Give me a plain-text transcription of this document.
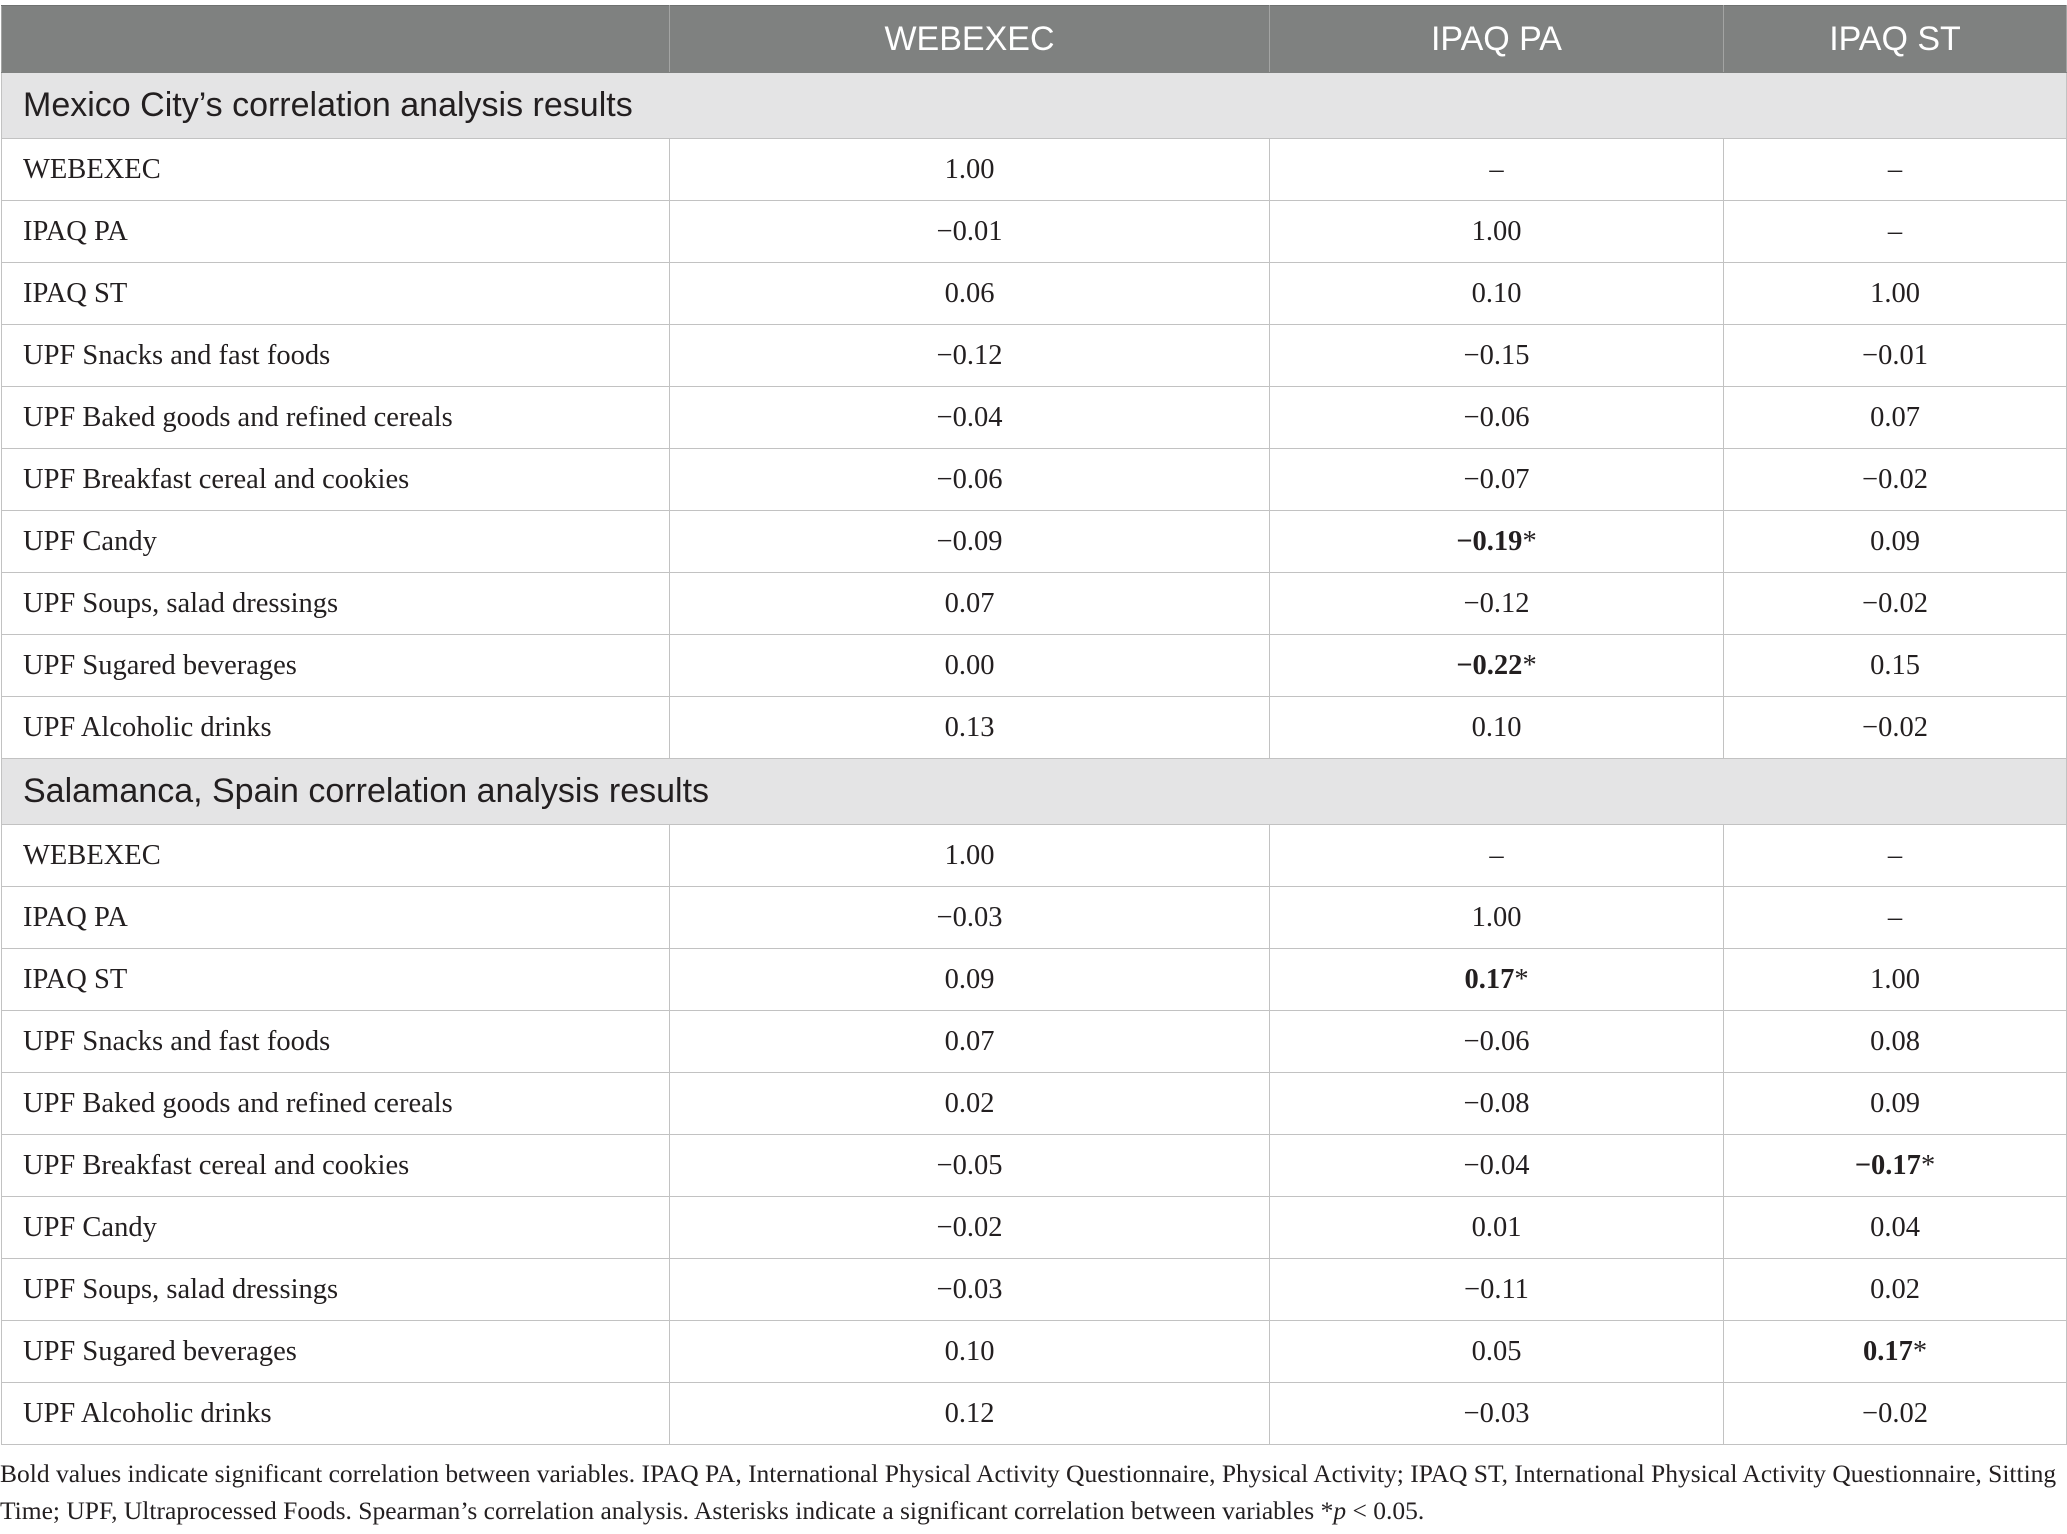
	WEBEXEC	IPAQ PA	IPAQ ST
Mexico City’s correlation analysis results			
WEBEXEC	1.00	–	–
IPAQ PA	−0.01	1.00	–
IPAQ ST	0.06	0.10	1.00
UPF Snacks and fast foods	−0.12	−0.15	−0.01
UPF Baked goods and refined cereals	−0.04	−0.06	0.07
UPF Breakfast cereal and cookies	−0.06	−0.07	−0.02
UPF Candy	−0.09	−0.19*	0.09
UPF Soups, salad dressings	0.07	−0.12	−0.02
UPF Sugared beverages	0.00	−0.22*	0.15
UPF Alcoholic drinks	0.13	0.10	−0.02
Salamanca, Spain correlation analysis results			
WEBEXEC	1.00	–	–
IPAQ PA	−0.03	1.00	–
IPAQ ST	0.09	0.17*	1.00
UPF Snacks and fast foods	0.07	−0.06	0.08
UPF Baked goods and refined cereals	0.02	−0.08	0.09
UPF Breakfast cereal and cookies	−0.05	−0.04	−0.17*
UPF Candy	−0.02	0.01	0.04
UPF Soups, salad dressings	−0.03	−0.11	0.02
UPF Sugared beverages	0.10	0.05	0.17*
UPF Alcoholic drinks	0.12	−0.03	−0.02

Bold values indicate significant correlation between variables. IPAQ PA, International Physical Activity Questionnaire, Physical Activity; IPAQ ST, International Physical Activity Questionnaire, Sitting Time; UPF, Ultraprocessed Foods. Spearman’s correlation analysis. Asterisks indicate a significant correlation between variables *p < 0.05.
